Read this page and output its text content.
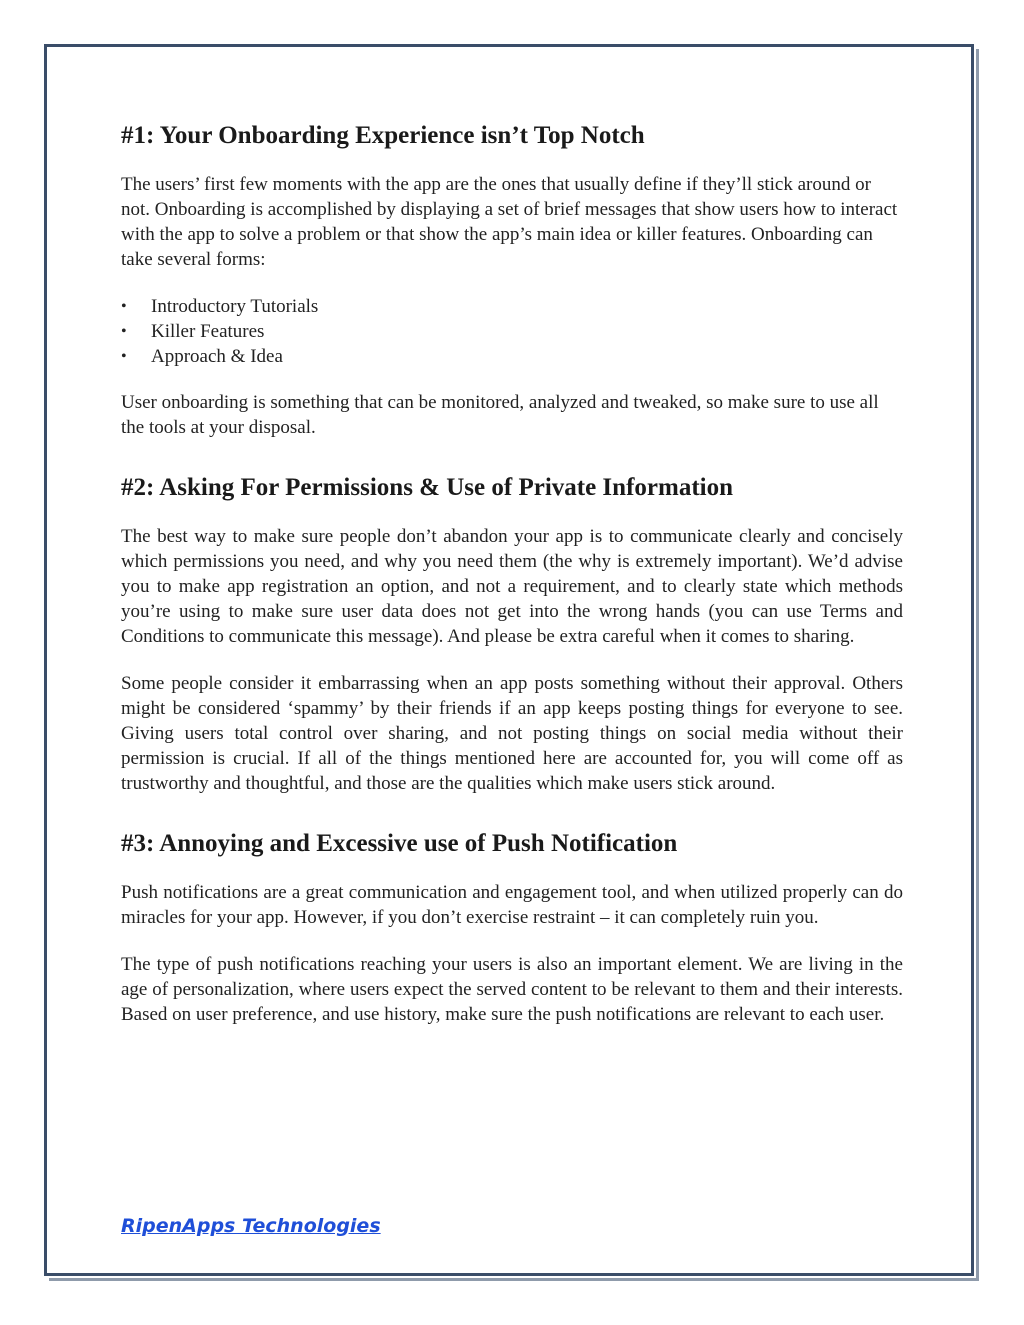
#1: Your Onboarding Experience isn’t Top Notch

The users’ first few moments with the app are the ones that usually define if they’ll stick around or not. Onboarding is accomplished by displaying a set of brief messages that show users how to interact with the app to solve a problem or that show the app’s main idea or killer features. Onboarding can take several forms:

• Introductory Tutorials
• Killer Features
• Approach & Idea

User onboarding is something that can be monitored, analyzed and tweaked, so make sure to use all the tools at your disposal.

#2: Asking For Permissions & Use of Private Information

The best way to make sure people don’t abandon your app is to communicate clearly and concisely which permissions you need, and why you need them (the why is extremely important). We’d advise you to make app registration an option, and not a requirement, and to clearly state which methods you’re using to make sure user data does not get into the wrong hands (you can use Terms and Conditions to communicate this message). And please be extra careful when it comes to sharing.

Some people consider it embarrassing when an app posts something without their approval. Others might be considered ‘spammy’ by their friends if an app keeps posting things for everyone to see. Giving users total control over sharing, and not posting things on social media without their permission is crucial. If all of the things mentioned here are accounted for, you will come off as trustworthy and thoughtful, and those are the qualities which make users stick around.

#3: Annoying and Excessive use of Push Notification

Push notifications are a great communication and engagement tool, and when utilized properly can do miracles for your app. However, if you don’t exercise restraint – it can completely ruin you.

The type of push notifications reaching your users is also an important element. We are living in the age of personalization, where users expect the served content to be relevant to them and their interests. Based on user preference, and use history, make sure the push notifications are relevant to each user.

RipenApps Technologies
